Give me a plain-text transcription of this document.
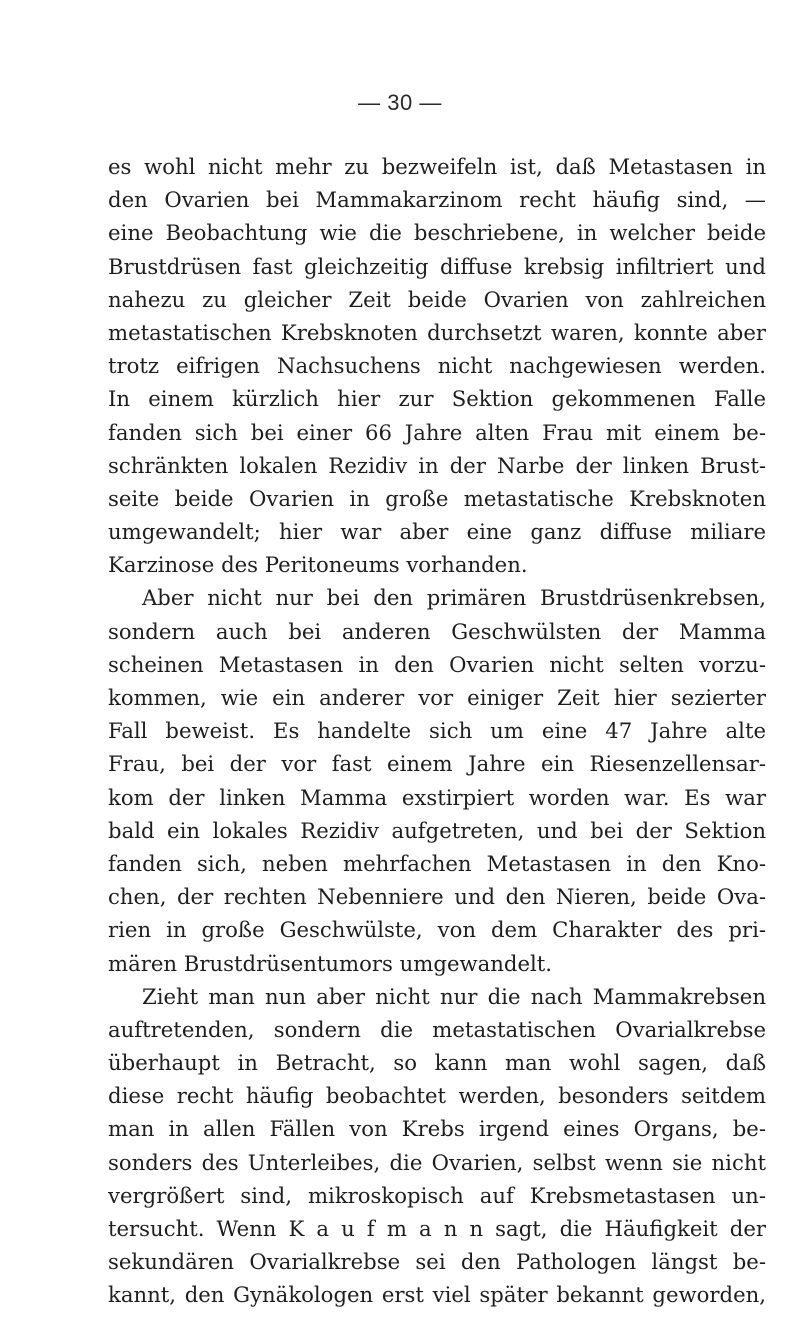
— 30 —
es wohl nicht mehr zu bezweifeln ist, daß Metastasen in
den Ovarien bei Mammakarzinom recht häufig sind, —
eine Beobachtung wie die beschriebene, in welcher beide
Brustdrüsen fast gleichzeitig diffuse krebsig infiltriert und
nahezu zu gleicher Zeit beide Ovarien von zahlreichen
metastatischen Krebsknoten durchsetzt waren, konnte aber
trotz eifrigen Nachsuchens nicht nachgewiesen werden.
In einem kürzlich hier zur Sektion gekommenen Falle
fanden sich bei einer 66 Jahre alten Frau mit einem be-
schränkten lokalen Rezidiv in der Narbe der linken Brust-
seite beide Ovarien in große metastatische Krebsknoten
umgewandelt; hier war aber eine ganz diffuse miliare
Karzinose des Peritoneums vorhanden.
Aber nicht nur bei den primären Brustdrüsenkrebsen,
sondern auch bei anderen Geschwülsten der Mamma
scheinen Metastasen in den Ovarien nicht selten vorzu-
kommen, wie ein anderer vor einiger Zeit hier sezierter
Fall beweist. Es handelte sich um eine 47 Jahre alte
Frau, bei der vor fast einem Jahre ein Riesenzellensar-
kom der linken Mamma exstirpiert worden war. Es war
bald ein lokales Rezidiv aufgetreten, und bei der Sektion
fanden sich, neben mehrfachen Metastasen in den Kno-
chen, der rechten Nebenniere und den Nieren, beide Ova-
rien in große Geschwülste, von dem Charakter des pri-
mären Brustdrüsentumors umgewandelt.
Zieht man nun aber nicht nur die nach Mammakrebsen
auftretenden, sondern die metastatischen Ovarialkrebse
überhaupt in Betracht, so kann man wohl sagen, daß
diese recht häufig beobachtet werden, besonders seitdem
man in allen Fällen von Krebs irgend eines Organs, be-
sonders des Unterleibes, die Ovarien, selbst wenn sie nicht
vergrößert sind, mikroskopisch auf Krebsmetastasen un-
tersucht. Wenn K a u f m a n n sagt, die Häufigkeit der
sekundären Ovarialkrebse sei den Pathologen längst be-
kannt, den Gynäkologen erst viel später bekannt geworden,
